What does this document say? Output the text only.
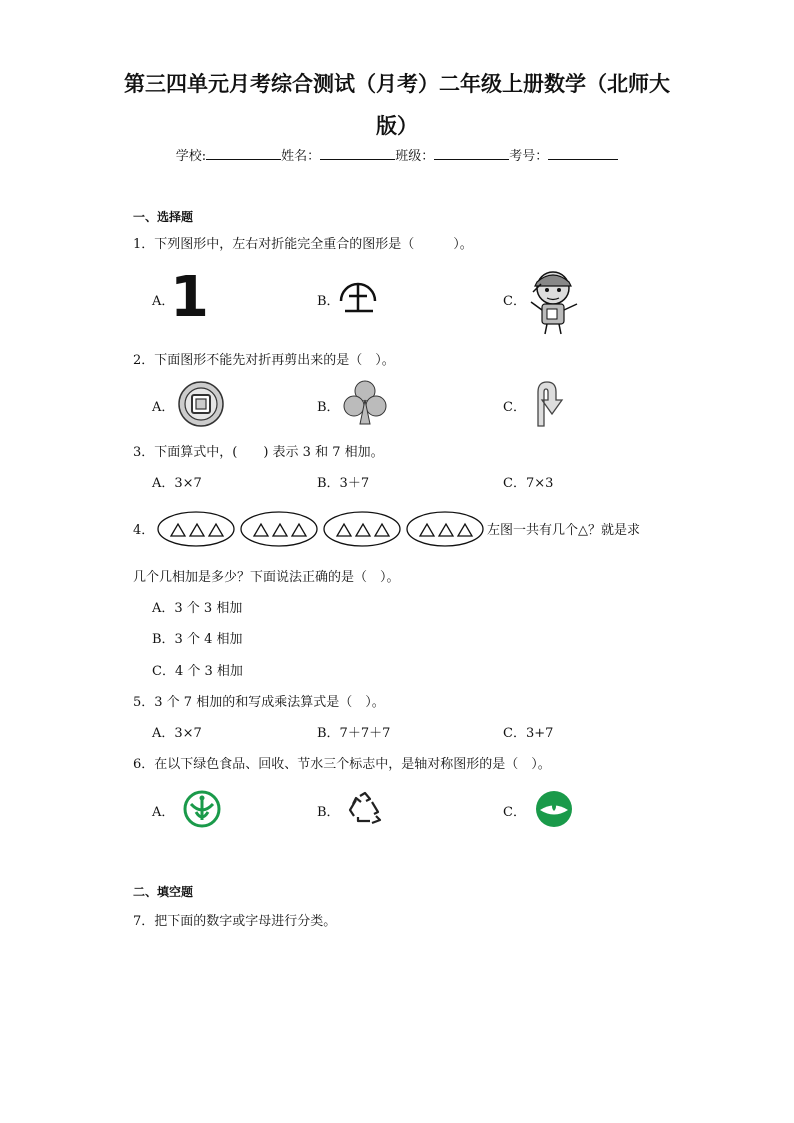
第三四单元月考综合测试（月考）二年级上册数学（北师大
版）
学校:	姓名：	班级：	考号：
一、选择题
1．下列图形中，左右对折能完全重合的图形是（　　　）。
A．
1	B．	C．
2．下面图形不能先对折再剪出来的是（　）。
A．	B．	C．
3．下面算式中，(　　) 表示 3 和 7 相加。
A．3×7	B．3＋7	C．7×3
4．	左图一共有几个△？就是求
几个几相加是多少？下面说法正确的是（　）。
A．3 个 3 相加
B．3 个 4 相加
C．4 个 3 相加
5．3 个 7 相加的和写成乘法算式是（　）。
A．3×7	B．7＋7＋7	C．3+7
6．在以下绿色食品、回收、节水三个标志中，是轴对称图形的是（　）。
A．	B．	C．
二、填空题
7．把下面的数字或字母进行分类。
